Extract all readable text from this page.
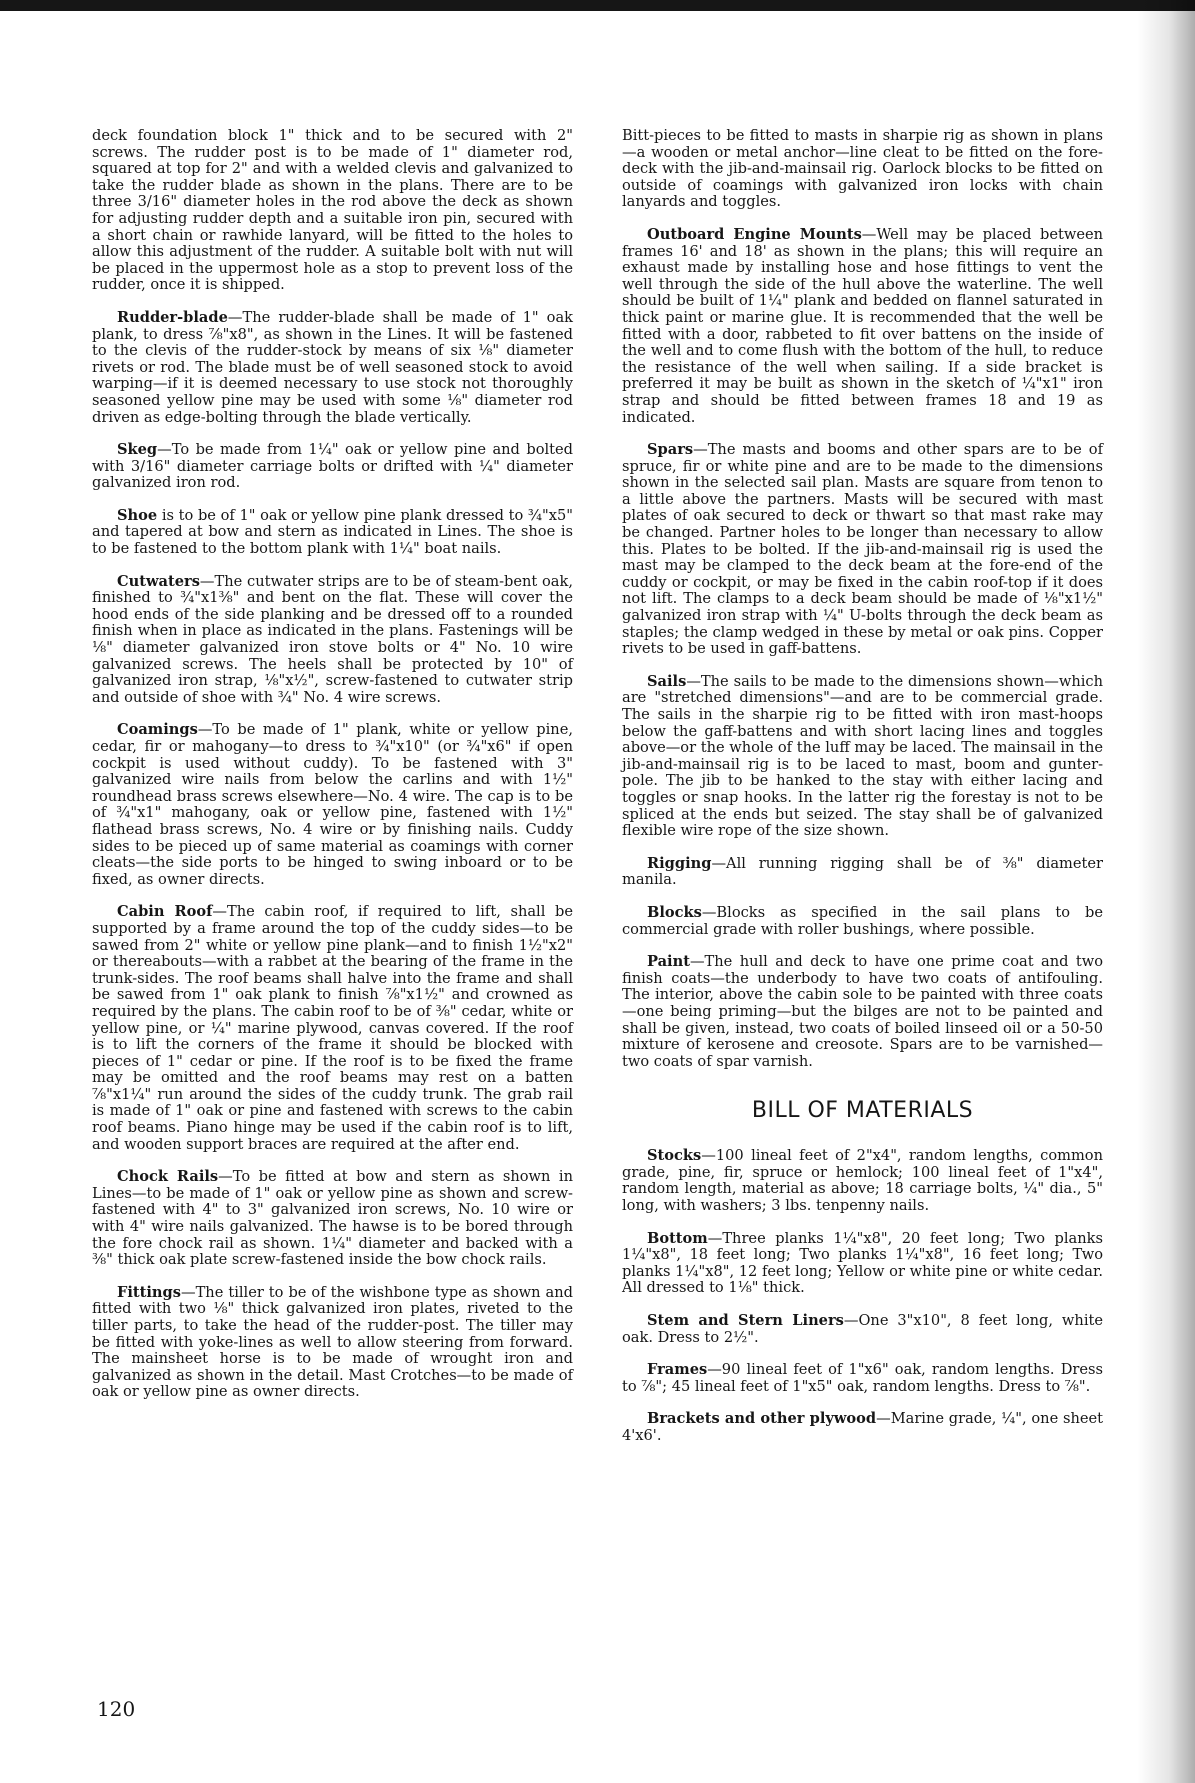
deck foundation block 1" thick and to be secured with 2" screws. The rudder post is to be made of 1" diameter rod, squared at top for 2" and with a welded clevis and galvanized to take the rudder blade as shown in the plans. There are to be three 3/16" diameter holes in the rod above the deck as shown for adjusting rudder depth and a suitable iron pin, secured with a short chain or rawhide lanyard, will be fitted to the holes to allow this adjustment of the rudder. A suitable bolt with nut will be placed in the uppermost hole as a stop to prevent loss of the rudder, once it is shipped.

Rudder-blade—The rudder-blade shall be made of 1" oak plank, to dress ⅞"x8", as shown in the Lines. It will be fastened to the clevis of the rudder-stock by means of six ⅛" diameter rivets or rod. The blade must be of well seasoned stock to avoid warping—if it is deemed necessary to use stock not thoroughly seasoned yellow pine may be used with some ⅛" diameter rod driven as edge-bolting through the blade vertically.

Skeg—To be made from 1¼" oak or yellow pine and bolted with 3/16" diameter carriage bolts or drifted with ¼" diameter galvanized iron rod.

Shoe is to be of 1" oak or yellow pine plank dressed to ¾"x5" and tapered at bow and stern as indicated in Lines. The shoe is to be fastened to the bottom plank with 1¼" boat nails.

Cutwaters—The cutwater strips are to be of steam-bent oak, finished to ¾"x1⅜" and bent on the flat. These will cover the hood ends of the side planking and be dressed off to a rounded finish when in place as indicated in the plans. Fastenings will be ⅛" diameter galvanized iron stove bolts or 4" No. 10 wire galvanized screws. The heels shall be protected by 10" of galvanized iron strap, ⅛"x½", screw-fastened to cutwater strip and outside of shoe with ¾" No. 4 wire screws.

Coamings—To be made of 1" plank, white or yellow pine, cedar, fir or mahogany—to dress to ¾"x10" (or ¾"x6" if open cockpit is used without cuddy). To be fastened with 3" galvanized wire nails from below the carlins and with 1½" roundhead brass screws elsewhere—No. 4 wire. The cap is to be of ¾"x1" mahogany, oak or yellow pine, fastened with 1½" flathead brass screws, No. 4 wire or by finishing nails. Cuddy sides to be pieced up of same material as coamings with corner cleats—the side ports to be hinged to swing inboard or to be fixed, as owner directs.

Cabin Roof—The cabin roof, if required to lift, shall be supported by a frame around the top of the cuddy sides—to be sawed from 2" white or yellow pine plank—and to finish 1½"x2" or thereabouts—with a rabbet at the bearing of the frame in the trunk-sides. The roof beams shall halve into the frame and shall be sawed from 1" oak plank to finish ⅞"x1½" and crowned as required by the plans. The cabin roof to be of ⅜" cedar, white or yellow pine, or ¼" marine plywood, canvas covered. If the roof is to lift the corners of the frame it should be blocked with pieces of 1" cedar or pine. If the roof is to be fixed the frame may be omitted and the roof beams may rest on a batten ⅞"x1¼" run around the sides of the cuddy trunk. The grab rail is made of 1" oak or pine and fastened with screws to the cabin roof beams. Piano hinge may be used if the cabin roof is to lift, and wooden support braces are required at the after end.

Chock Rails—To be fitted at bow and stern as shown in Lines—to be made of 1" oak or yellow pine as shown and screw-fastened with 4" to 3" galvanized iron screws, No. 10 wire or with 4" wire nails galvanized. The hawse is to be bored through the fore chock rail as shown. 1¼" diameter and backed with a ⅜" thick oak plate screw-fastened inside the bow chock rails.

Fittings—The tiller to be of the wishbone type as shown and fitted with two ⅛" thick galvanized iron plates, riveted to the tiller parts, to take the head of the rudder-post. The tiller may be fitted with yoke-lines as well to allow steering from forward. The mainsheet horse is to be made of wrought iron and galvanized as shown in the detail. Mast Crotches—to be made of oak or yellow pine as owner directs.

Bitt-pieces to be fitted to masts in sharpie rig as shown in plans—a wooden or metal anchor—line cleat to be fitted on the fore-deck with the jib-and-mainsail rig. Oarlock blocks to be fitted on outside of coamings with galvanized iron locks with chain lanyards and toggles.

Outboard Engine Mounts—Well may be placed between frames 16' and 18' as shown in the plans; this will require an exhaust made by installing hose and hose fittings to vent the well through the side of the hull above the waterline. The well should be built of 1¼" plank and bedded on flannel saturated in thick paint or marine glue. It is recommended that the well be fitted with a door, rabbeted to fit over battens on the inside of the well and to come flush with the bottom of the hull, to reduce the resistance of the well when sailing. If a side bracket is preferred it may be built as shown in the sketch of ¼"x1" iron strap and should be fitted between frames 18 and 19 as indicated.

Spars—The masts and booms and other spars are to be of spruce, fir or white pine and are to be made to the dimensions shown in the selected sail plan. Masts are square from tenon to a little above the partners. Masts will be secured with mast plates of oak secured to deck or thwart so that mast rake may be changed. Partner holes to be longer than necessary to allow this. Plates to be bolted. If the jib-and-mainsail rig is used the mast may be clamped to the deck beam at the fore-end of the cuddy or cockpit, or may be fixed in the cabin roof-top if it does not lift. The clamps to a deck beam should be made of ⅛"x1½" galvanized iron strap with ¼" U-bolts through the deck beam as staples; the clamp wedged in these by metal or oak pins. Copper rivets to be used in gaff-battens.

Sails—The sails to be made to the dimensions shown—which are "stretched dimensions"—and are to be commercial grade. The sails in the sharpie rig to be fitted with iron mast-hoops below the gaff-battens and with short lacing lines and toggles above—or the whole of the luff may be laced. The mainsail in the jib-and-mainsail rig is to be laced to mast, boom and gunter-pole. The jib to be hanked to the stay with either lacing and toggles or snap hooks. In the latter rig the forestay is not to be spliced at the ends but seized. The stay shall be of galvanized flexible wire rope of the size shown.

Rigging—All running rigging shall be of ⅜" diameter manila.

Blocks—Blocks as specified in the sail plans to be commercial grade with roller bushings, where possible.

Paint—The hull and deck to have one prime coat and two finish coats—the underbody to have two coats of antifouling. The interior, above the cabin sole to be painted with three coats—one being priming—but the bilges are not to be painted and shall be given, instead, two coats of boiled linseed oil or a 50-50 mixture of kerosene and creosote. Spars are to be varnished—two coats of spar varnish.

BILL OF MATERIALS

Stocks—100 lineal feet of 2"x4", random lengths, common grade, pine, fir, spruce or hemlock; 100 lineal feet of 1"x4", random length, material as above; 18 carriage bolts, ¼" dia., 5" long, with washers; 3 lbs. tenpenny nails.

Bottom—Three planks 1¼"x8", 20 feet long; Two planks 1¼"x8", 18 feet long; Two planks 1¼"x8", 16 feet long; Two planks 1¼"x8", 12 feet long; Yellow or white pine or white cedar. All dressed to 1⅛" thick.

Stem and Stern Liners—One 3"x10", 8 feet long, white oak. Dress to 2½".

Frames—90 lineal feet of 1"x6" oak, random lengths. Dress to ⅞"; 45 lineal feet of 1"x5" oak, random lengths. Dress to ⅞".

Brackets and other plywood—Marine grade, ¼", one sheet 4'x6'.

120
